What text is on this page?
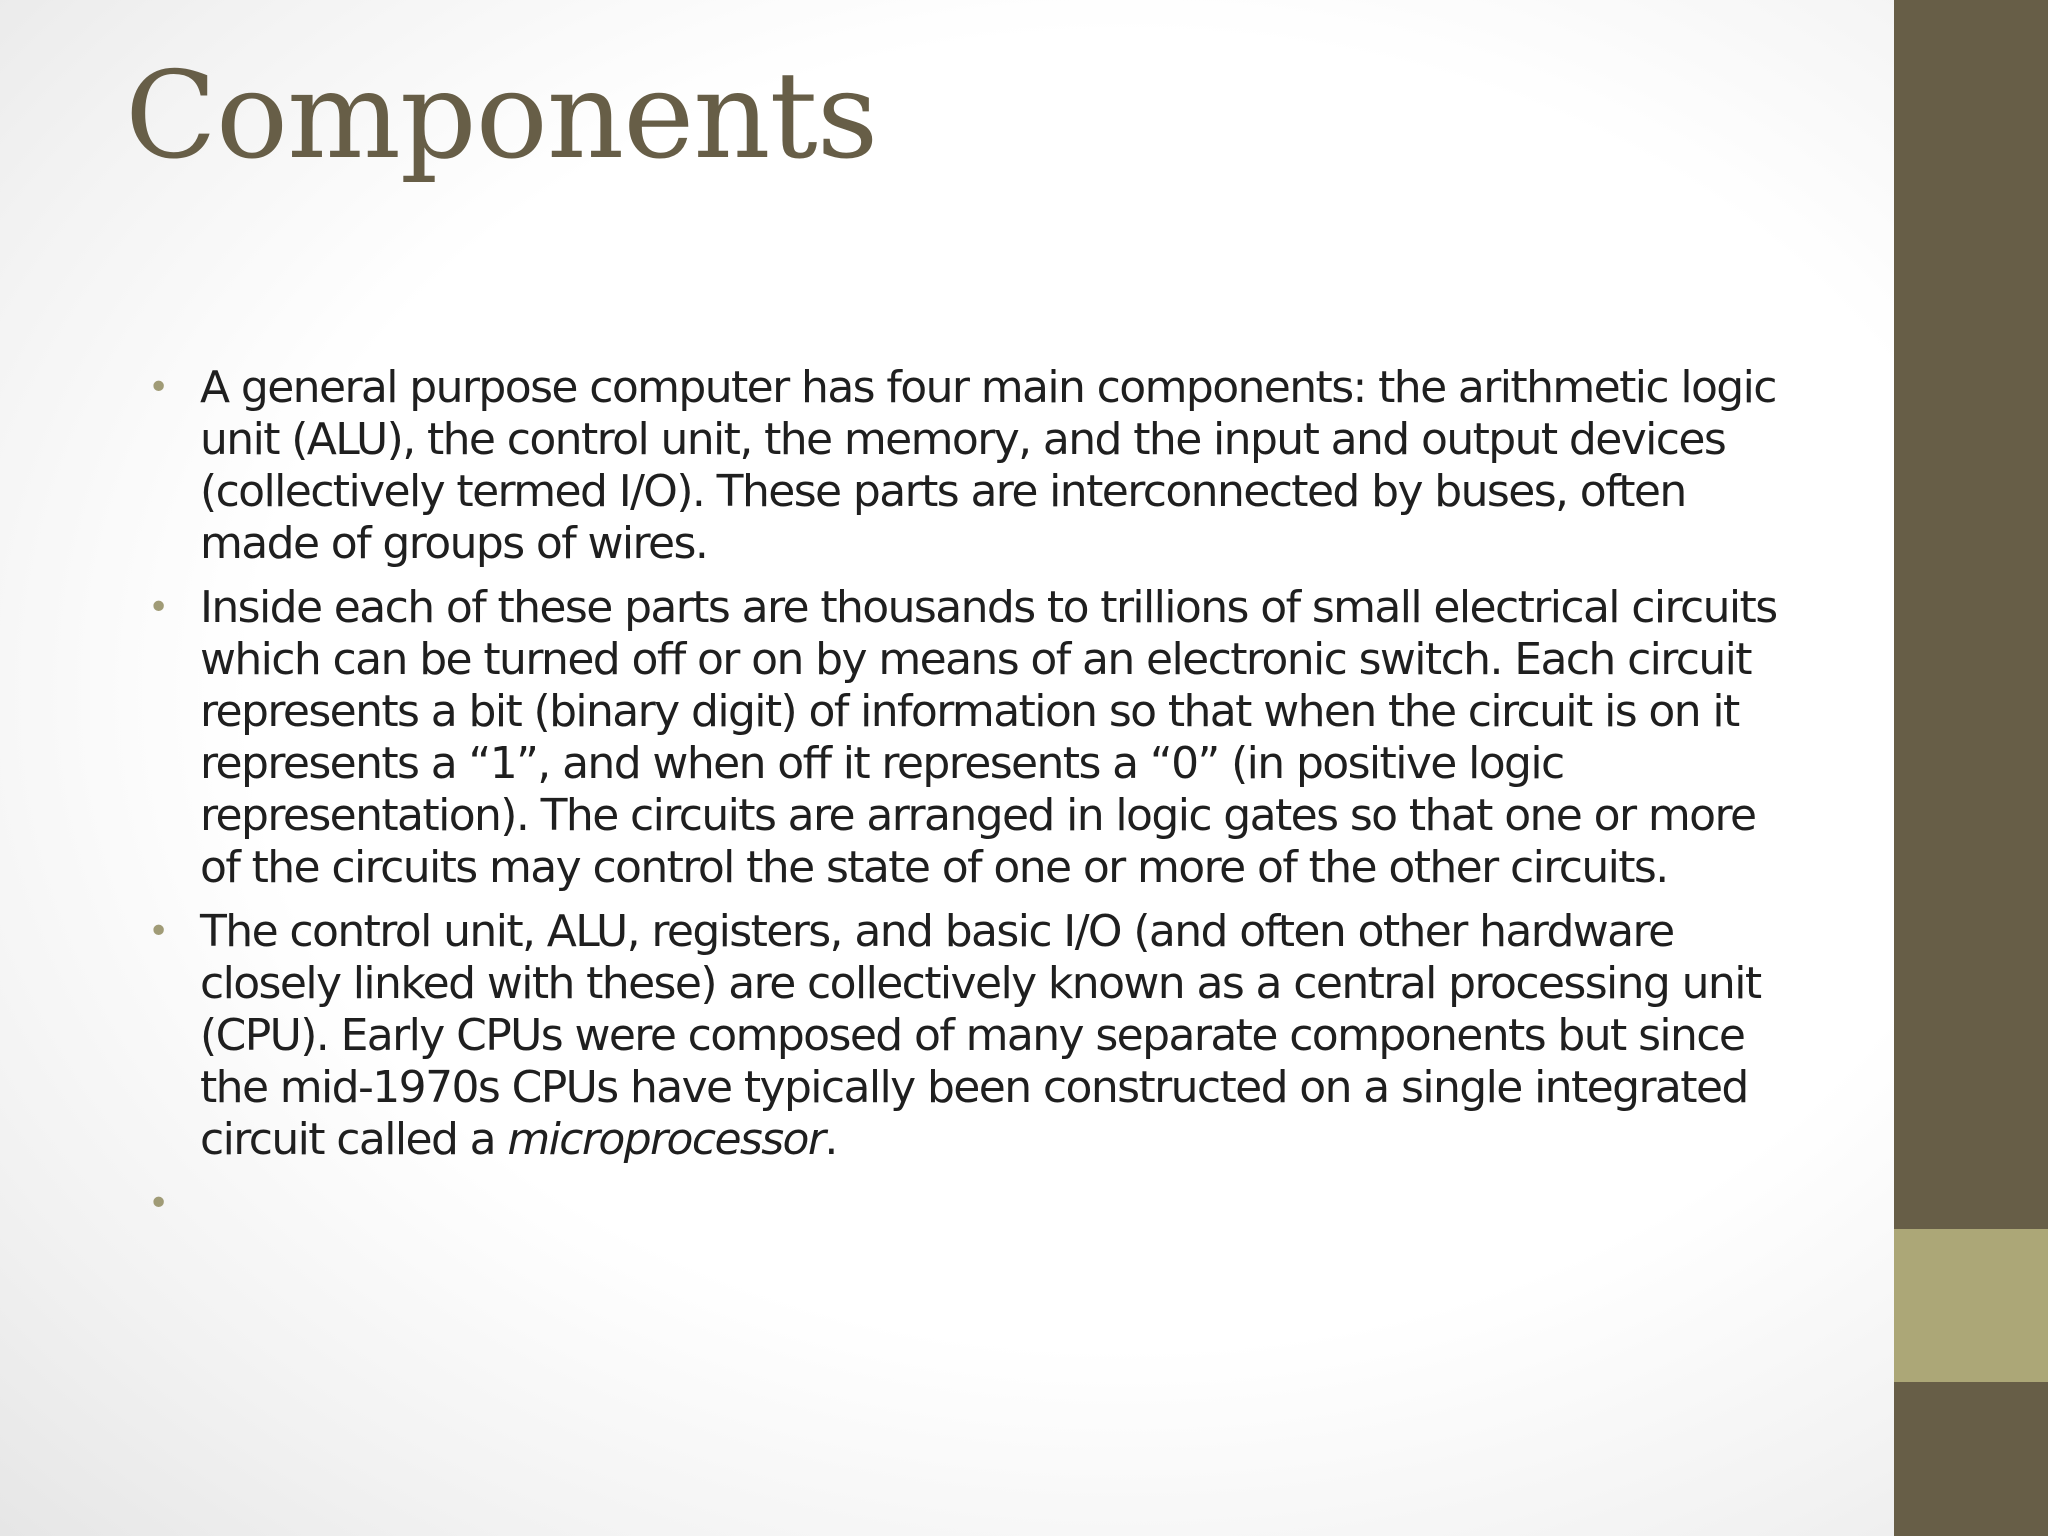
Components
• A general purpose computer has four main components: the arithmetic logic unit (ALU), the control unit, the memory, and the input and output devices (collectively termed I/O). These parts are interconnected by buses, often made of groups of wires.
• Inside each of these parts are thousands to trillions of small electrical circuits which can be turned off or on by means of an electronic switch. Each circuit represents a bit (binary digit) of information so that when the circuit is on it represents a “1”, and when off it represents a “0” (in positive logic representation). The circuits are arranged in logic gates so that one or more of the circuits may control the state of one or more of the other circuits.
• The control unit, ALU, registers, and basic I/O (and often other hardware closely linked with these) are collectively known as a central processing unit (CPU). Early CPUs were composed of many separate components but since the mid-1970s CPUs have typically been constructed on a single integrated circuit called a microprocessor.
•
